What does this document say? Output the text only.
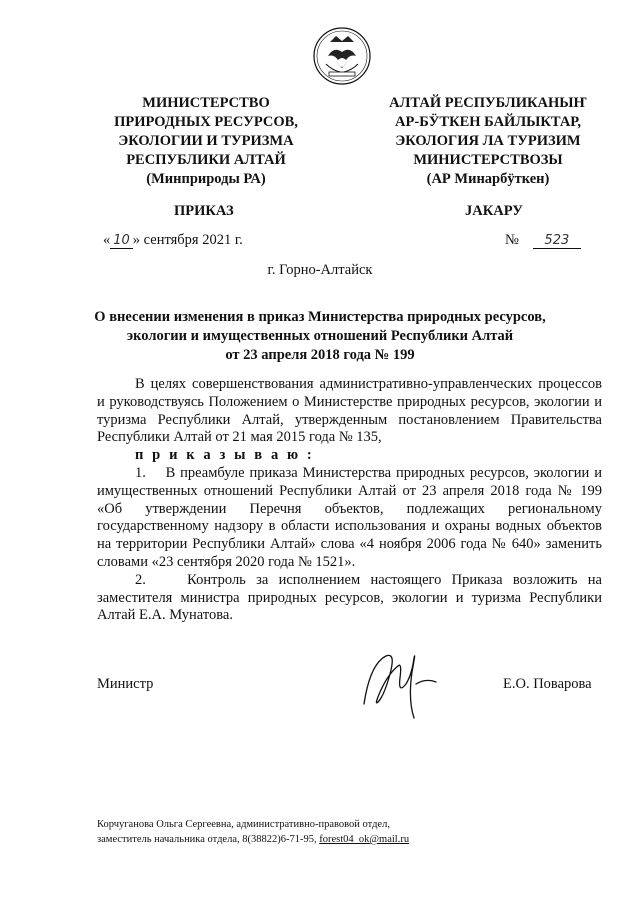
МИНИСТЕРСТВО
ПРИРОДНЫХ РЕСУРСОВ,
ЭКОЛОГИИ И ТУРИЗМА
РЕСПУБЛИКИ АЛТАЙ
(Минприроды РА)
АЛТАЙ РЕСПУБЛИКАНЫҤ
АР-БӰТКЕН БАЙЛЫКТАР,
ЭКОЛОГИЯ ЛА ТУРИЗИМ
МИНИСТЕРСТВОЗЫ
(АР Минарбӱткен)
ПРИКАЗ	JАКАРУ
« 10 » сентября 2021 г.	№ 523
г. Горно-Алтайск
О внесении изменения в приказ Министерства природных ресурсов,
экологии и имущественных отношений Республики Алтай
от 23 апреля 2018 года № 199

В целях совершенствования административно-управленческих процессов и руководствуясь Положением о Министерстве природных ресурсов, экологии и туризма Республики Алтай, утвержденным постановлением Правительства Республики Алтай от 21 мая 2015 года № 135,

п р и к а з ы в а ю :

1.    В преамбуле приказа Министерства природных ресурсов, экологии и имущественных отношений Республики Алтай от 23 апреля 2018 года № 199 «Об утверждении Перечня объектов, подлежащих региональному государственному надзору в области использования и охраны водных объектов на территории Республики Алтай» слова «4 ноября 2006 года № 640» заменить словами «23 сентября 2020 года № 1521».

2.    Контроль за исполнением настоящего Приказа возложить на заместителя министра природных ресурсов, экологии и туризма Республики Алтай Е.А. Мунатова.

Министр	Е.О. Поварова
Корчуганова Ольга Сергеевна, административно-правовой отдел,
заместитель начальника отдела, 8(38822)6-71-95, forest04_ok@mail.ru
